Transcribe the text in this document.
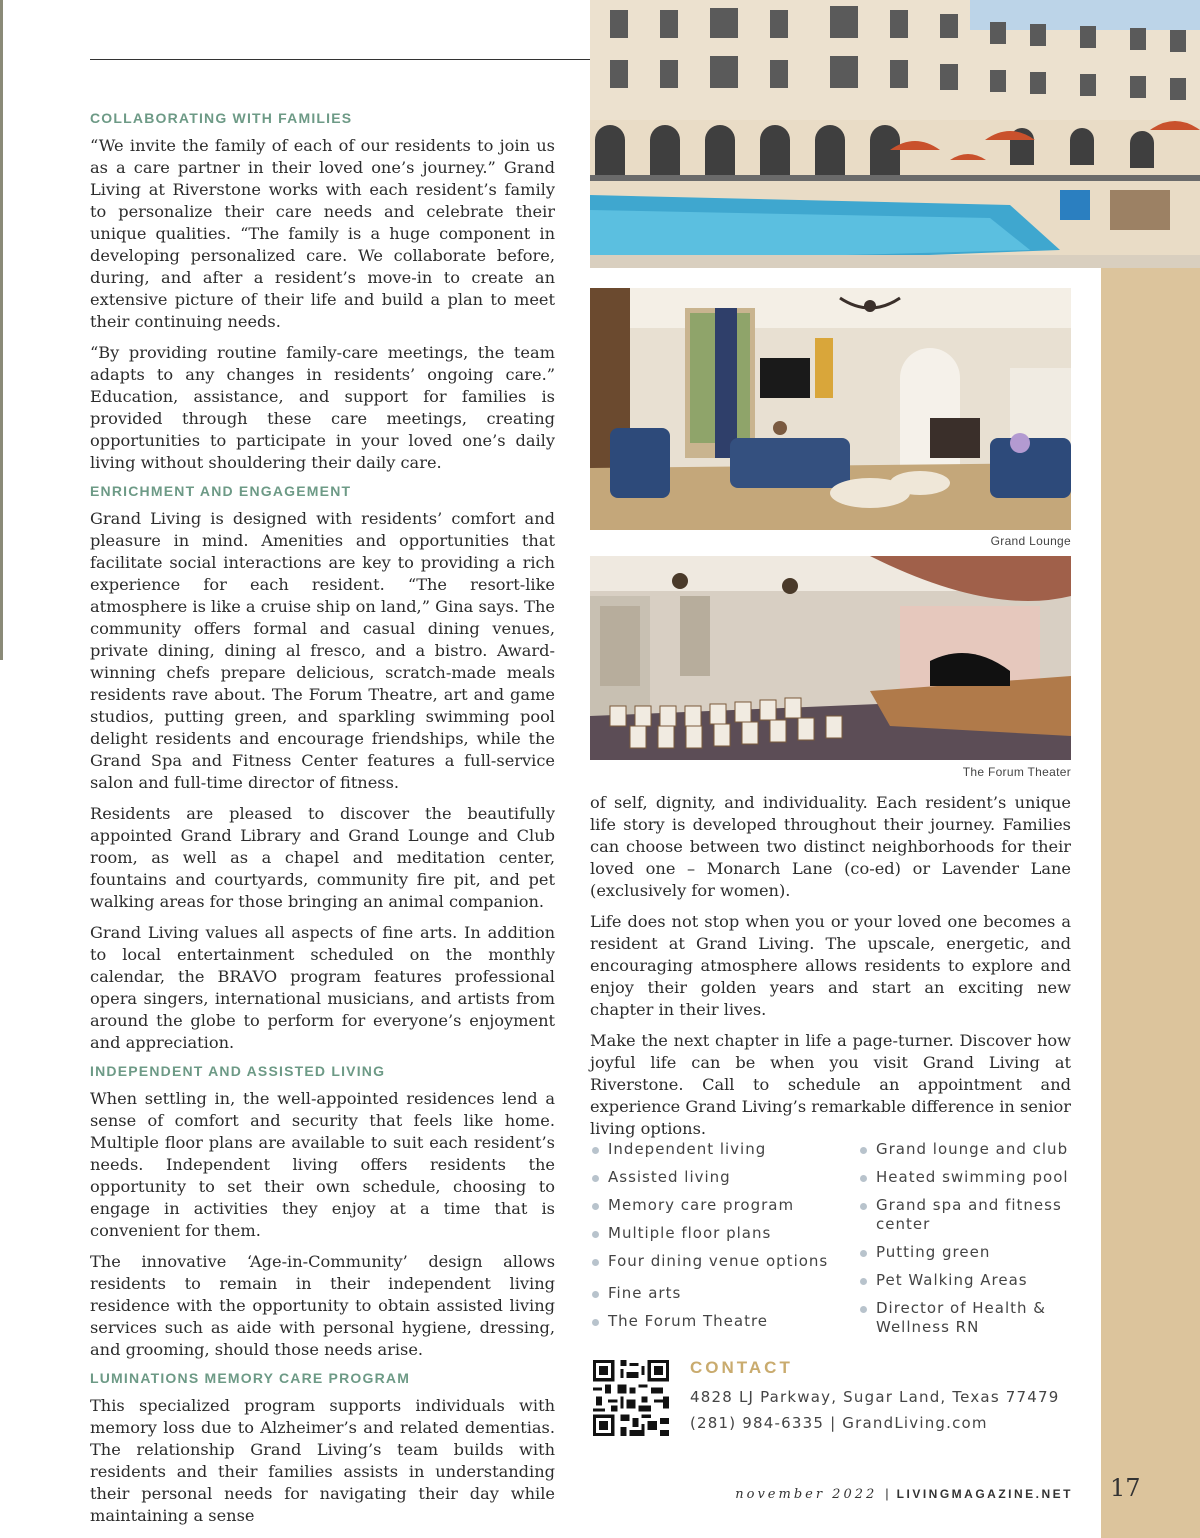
COLLABORATING WITH FAMILIES

“We invite the family of each of our residents to join us as a care partner in their loved one’s journey.” Grand Living at Riverstone works with each resident’s family to personalize their care needs and celebrate their unique qualities. “The family is a huge component in developing personalized care. We collaborate before, during, and after a resident’s move-in to create an extensive picture of their life and build a plan to meet their continuing needs.

“By providing routine family-care meetings, the team adapts to any changes in residents’ ongoing care.” Education, assistance, and support for families is provided through these care meetings, creating opportunities to participate in your loved one’s daily living without shouldering their daily care.

ENRICHMENT AND ENGAGEMENT

Grand Living is designed with residents’ comfort and pleasure in mind. Amenities and opportunities that facilitate social interactions are key to providing a rich experience for each resident. “The resort-like atmosphere is like a cruise ship on land,” Gina says. The community offers formal and casual dining venues, private dining, dining al fresco, and a bistro. Award-winning chefs prepare delicious, scratch-made meals residents rave about. The Forum Theatre, art and game studios, putting green, and sparkling swimming pool delight residents and encourage friendships, while the Grand Spa and Fitness Center features a full-service salon and full-time director of fitness.

Residents are pleased to discover the beautifully appointed Grand Library and Grand Lounge and Club room, as well as a chapel and meditation center, fountains and courtyards, community fire pit, and pet walking areas for those bringing an animal companion.

Grand Living values all aspects of fine arts. In addition to local entertainment scheduled on the monthly calendar, the BRAVO program features professional opera singers, international musicians, and artists from around the globe to perform for everyone’s enjoyment and appreciation.

INDEPENDENT AND ASSISTED LIVING

When settling in, the well-appointed residences lend a sense of comfort and security that feels like home. Multiple floor plans are available to suit each resident’s needs. Independent living offers residents the opportunity to set their own schedule, choosing to engage in activities they enjoy at a time that is convenient for them.

The innovative ‘Age-in-Community’ design allows residents to remain in their independent living residence with the opportunity to obtain assisted living services such as aide with personal hygiene, dressing, and grooming, should those needs arise.

LUMINATIONS MEMORY CARE PROGRAM

This specialized program supports individuals with memory loss due to Alzheimer’s and related dementias. The relationship Grand Living’s team builds with residents and their families assists in understanding their personal needs for navigating their day while maintaining a sense

Grand Lounge
The Forum Theater

of self, dignity, and individuality. Each resident’s unique life story is developed throughout their journey. Families can choose between two distinct neighborhoods for their loved one – Monarch Lane (co-ed) or Lavender Lane (exclusively for women).

Life does not stop when you or your loved one becomes a resident at Grand Living. The upscale, energetic, and encouraging atmosphere allows residents to explore and enjoy their golden years and start an exciting new chapter in their lives.

Make the next chapter in life a page-turner. Discover how joyful life can be when you visit Grand Living at Riverstone. Call to schedule an appointment and experience Grand Living’s remarkable difference in senior living options.

Independent living
Assisted living
Memory care program
Multiple floor plans
Four dining venue options
Fine arts
The Forum Theatre
Grand lounge and club
Heated swimming pool
Grand spa and fitness center
Putting green
Pet Walking Areas
Director of Health & Wellness RN
CONTACT
4828 LJ Parkway, Sugar Land, Texas 77479
(281) 984-6335 | GrandLiving.com
november 2022 | LIVINGMAGAZINE.NET 17
